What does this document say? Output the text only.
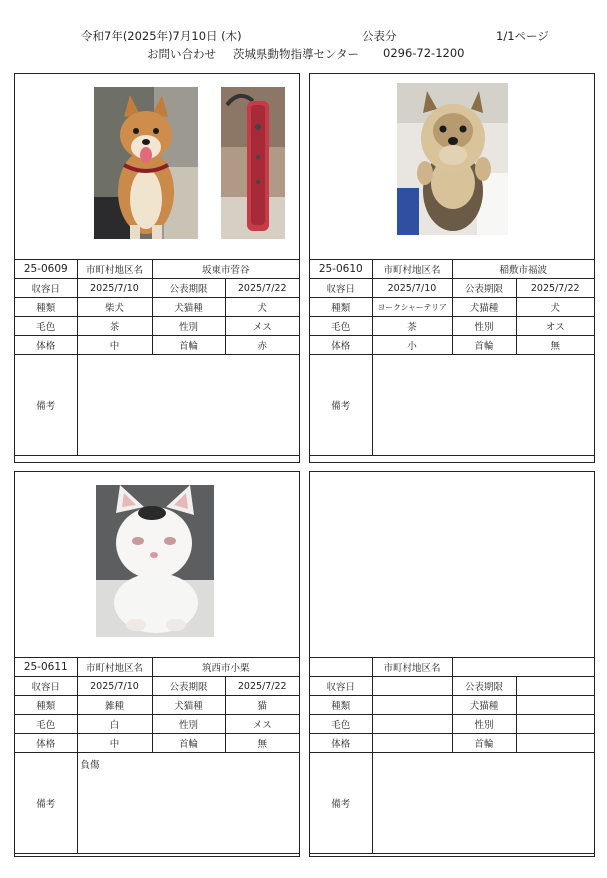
令和7年(2025年)7月10日 (木)	公表分	1/1ページ
お問い合わせ 茨城県動物指導センター 0296-72-1200
25-0609	市町村地区名	坂東市菅谷	
収容日	2025/7/10	公表期限	2025/7/22
種類	柴犬	犬猫種	犬
毛色	茶	性別	メス
体格	中	首輪	赤
備考			
25-0610	市町村地区名	稲敷市福波	
収容日	2025/7/10	公表期限	2025/7/22
種類	ヨークシャーテリア	犬猫種	犬
毛色	茶	性別	オス
体格	小	首輪	無
備考			
25-0611	市町村地区名	筑西市小栗	
収容日	2025/7/10	公表期限	2025/7/22
種類	雑種	犬猫種	猫
毛色	白	性別	メス
体格	中	首輪	無
備考	負傷		
	市町村地区名		
収容日		公表期限	
種類		犬猫種	
毛色		性別	
体格		首輪	
備考			
